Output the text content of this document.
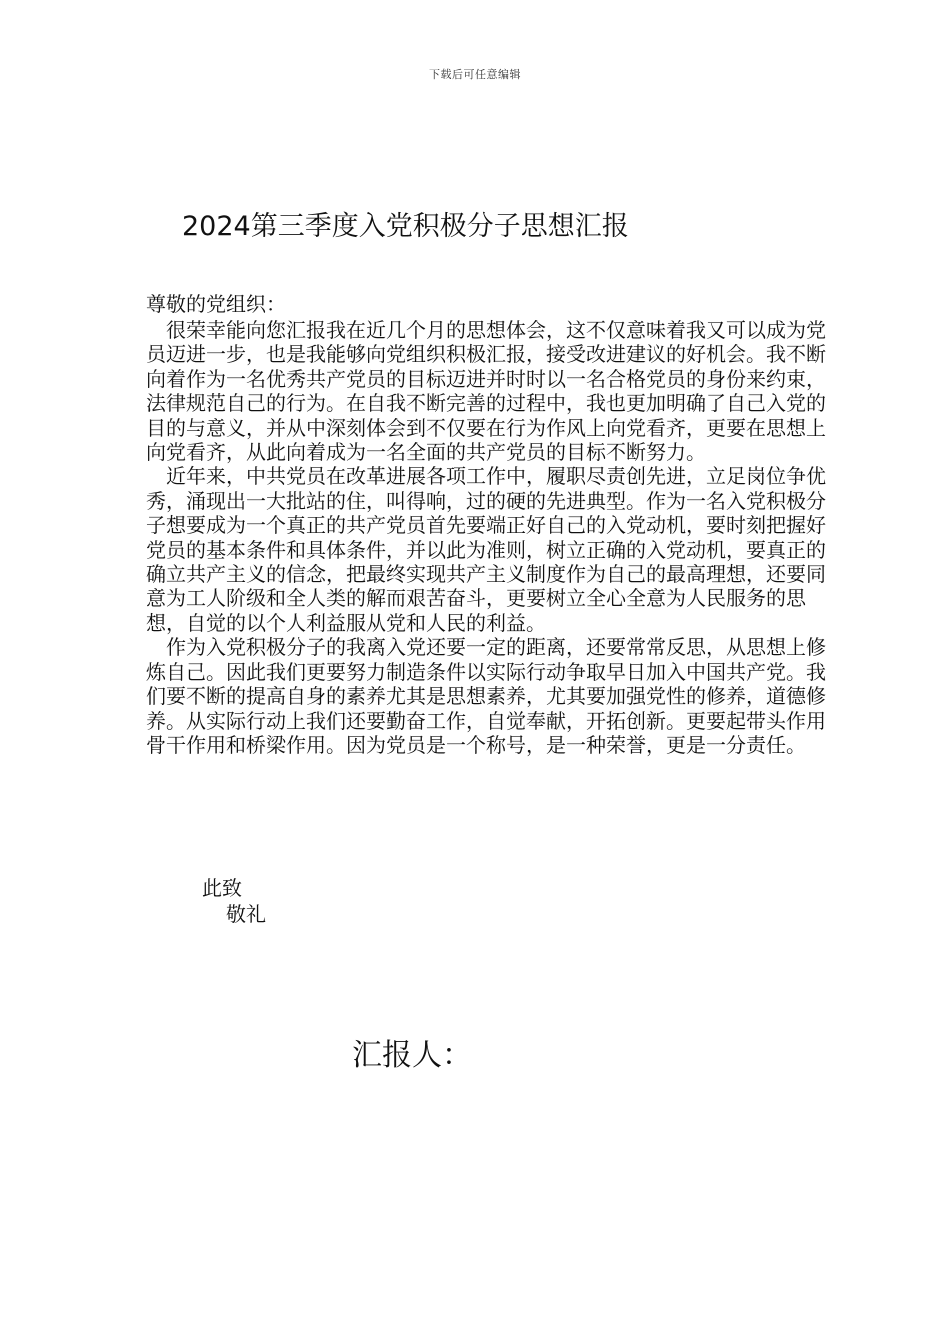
下载后可任意编辑
2024第三季度入党积极分子思想汇报
尊敬的党组织：

很荣幸能向您汇报我在近几个月的思想体会，这不仅意味着我又可以成为党员迈进一步，也是我能够向党组织积极汇报，接受改进建议的好机会。我不断向着作为一名优秀共产党员的目标迈进并时时以一名合格党员的身份来约束，法律规范自己的行为。在自我不断完善的过程中，我也更加明确了自己入党的目的与意义，并从中深刻体会到不仅要在行为作风上向党看齐，更要在思想上向党看齐，从此向着成为一名全面的共产党员的目标不断努力。

近年来，中共党员在改革进展各项工作中，履职尽责创先进，立足岗位争优秀，涌现出一大批站的住，叫得响，过的硬的先进典型。作为一名入党积极分子想要成为一个真正的共产党员首先要端正好自己的入党动机，要时刻把握好党员的基本条件和具体条件，并以此为准则，树立正确的入党动机，要真正的确立共产主义的信念，把最终实现共产主义制度作为自己的最高理想，还要同意为工人阶级和全人类的解而艰苦奋斗，更要树立全心全意为人民服务的思想，自觉的以个人利益服从党和人民的利益。

作为入党积极分子的我离入党还要一定的距离，还要常常反思，从思想上修炼自己。因此我们更要努力制造条件以实际行动争取早日加入中国共产党。我们要不断的提高自身的素养尤其是思想素养，尤其要加强党性的修养，道德修养。从实际行动上我们还要勤奋工作，自觉奉献，开拓创新。更要起带头作用骨干作用和桥梁作用。因为党员是一个称号，是一种荣誉，更是一分责任。

此致
敬礼
汇报人：
